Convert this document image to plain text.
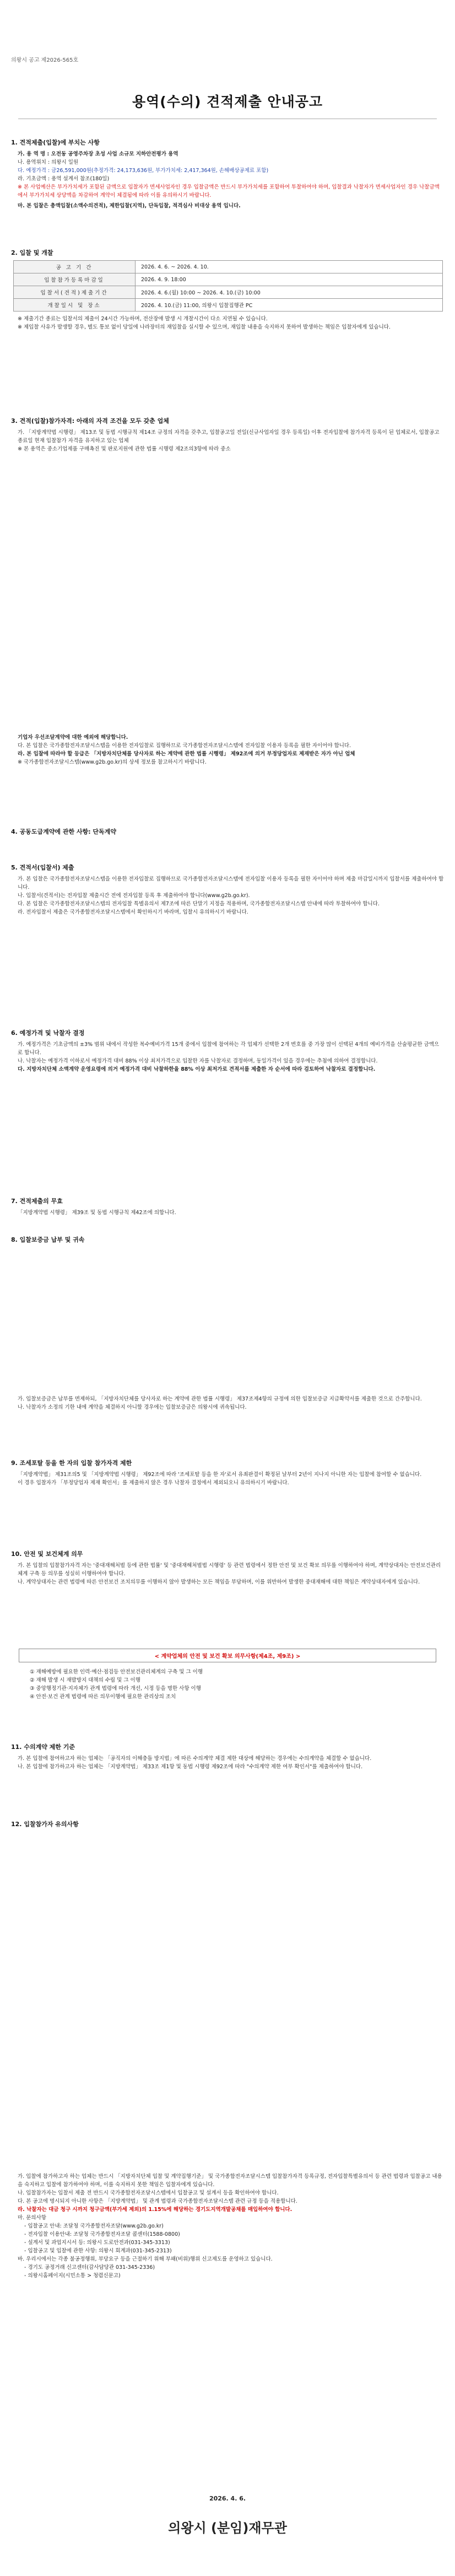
의왕시 공고 제2026-565호
용역(수의) 견적제출 안내공고
1. 견적제출(입찰)에 부치는 사항

가. 용 역 명 : 오전동 공영주차장 초성 사업 소규모 지하안전평가 용역

나. 용역위치 : 의왕시 일원

다. 예정가격 : 금26,591,000원(추정가격: 24,173,636원, 부가가치세: 2,417,364원, 손해배상공제료 포함)

라. 기초금액 : 용역 설계서 참조(180일)

※ 본 사업예산은 부가가치세가 포함된 금액으로 입찰자가 면세사업자인 경우 입찰금액은 반드시 부가가치세를 포함하여 투찰하여야 하며, 입찰결과 낙찰자가 면세사업자인 경우 낙찰금액에서 부가가치세 상당액을 차감하여 계약이 체결됨에 따라 이를 유의하시기 바랍니다.

마. 본 입찰은 총액입찰(소액수의견적), 제한입찰(지역), 단독입찰, 적격심사 비대상 용역 입니다.

2. 입찰 및 개찰
공 고 기 간	2026. 4. 6. ~ 2026. 4. 10.
입찰참가등록마감일	2026. 4. 9. 18:00
입찰서(견적)제출기간	2026. 4. 6.(월) 10:00 ~ 2026. 4. 10.(금) 10:00
개찰일시 및 장소	2026. 4. 10.(금) 11:00, 의왕시 입찰집행관 PC

※ 제출기간 종료는 입찰서의 제출이 24시간 가능하며, 전산장애 발생 시 개찰시간이 다소 지연될 수 있습니다.

※ 제입찰 사유가 발생할 경우, 별도 통보 없이 당일에 나라장터의 재입찰을 실시할 수 있으며, 재입찰 내용을 숙지하지 못하여 발생하는 책임은 입찰자에게 있습니다.

3. 견적(입찰)참가자격: 아래의 자격 조건을 모두 갖춘 업체

가. 「지방계약법 시행령」 제13조 및 동법 시행규칙 제14조 규정의 자격을 갖추고, 입찰공고일 전일(신규사업자일 경우 등록일) 이후 전자입찰에 참가자격 등록이 된 업체로서, 입찰공고 종료일 현재 입찰참가 자격을 유지하고 있는 업체

※ 본 용역은 중소기업제품 구매촉진 및 판로지원에 관한 법률 시행령 제2조의3항에 따라 중소

기업자 우선조달계약에 대한 예외에 해당합니다.

다. 본 입찰은 국가종합전자조달시스템을 이용한 전자입찰로 집행하므로 국가종합전자조달시스템에 전자입찰 이용자 등록을 필한 자이어야 합니다.

라. 본 입찰에 따라야 할 등급은 「지방자치단체를 당사자로 하는 계약에 관한 법률 시행령」 제92조에 의거 부정당업자로 제재받은 자가 아닌 업체

※ 국가종합전자조달시스템(www.g2b.go.kr)의 상세 정보를 참고하시기 바랍니다.

4. 공동도급계약에 관한 사항: 단독계약
5. 견적서(입찰서) 제출

가. 본 입찰은 국가종합전자조달시스템을 이용한 전자입찰로 집행하므로 국가종합전자조달시스템에 전자입찰 이용자 등록을 필한 자이어야 하며 제출 마감일시까지 입찰서를 제출하여야 합니다.

나. 입찰서(견적서)는 전자입찰 제출시간 전에 전자입찰 등록 후 제출하여야 합니다(www.g2b.go.kr).

다. 본 입찰은 국가종합전자조달시스템의 전자입찰 특별유의서 제7조에 따른 단말기 지정을 적용하며, 국가종합전자조달시스템 안내에 따라 투찰하여야 합니다.

라. 전자입찰서 제출은 국가종합전자조달시스템에서 확인하시기 바라며, 입찰시 유의하시기 바랍니다.

6. 예정가격 및 낙찰자 결정

가. 예정가격은 기초금액의 ±3% 범위 내에서 작성한 복수예비가격 15개 중에서 입찰에 참여하는 각 업체가 선택한 2개 번호를 중 가장 많이 선택된 4개의 예비가격을 산술평균한 금액으로 합니다.

나. 낙찰자는 예정가격 이하로서 예정가격 대비 88% 이상 최저가격으로 입찰한 자를 낙찰자로 결정하며, 동일가격이 있을 경우에는 추첨에 의하여 결정합니다.

다. 지방자치단체 소액계약 운영요령에 의거 예정가격 대비 낙찰하한율 88% 이상 최저가로 견적서를 제출한 자 순서에 따라 검토하여 낙찰자로 결정합니다.

7. 견적제출의 무효

「지방계약법 시행령」 제39조 및 동법 시행규칙 제42조에 의합니다.

8. 입찰보증금 납부 및 귀속

가. 입찰보증금은 납부를 면제하되, 「지방자치단체를 당사자로 하는 계약에 관한 법률 시행령」 제37조제4항의 규정에 의한 입찰보증금 지급확약서를 제출한 것으로 간주합니다.

나. 낙찰자가 소정의 기한 내에 계약을 체결하지 아니할 경우에는 입찰보증금은 의왕시에 귀속됩니다.

9. 조세포탈 등을 한 자의 입찰 참가자격 제한

「지방계약법」 제31조의5 및 「지방계약법 시행령」 제92조에 따라 '조세포탈 등을 한 자'로서 유죄판결이 확정된 날부터 2년이 지나지 아니한 자는 입찰에 참여할 수 없습니다.

이 경우 입찰자가 「부정당업자 제재 확인서」를 제출하지 않은 경우 낙찰자 결정에서 제외되오니 유의하시기 바랍니다.

10. 안전 및 보건체계 의무

가. 본 입찰의 입찰참가자격 자는 '중대재해처벌 등에 관한 법률' 및 '중대재해처벌법 시행령' 등 관련 법령에서 정한 안전 및 보건 확보 의무를 이행하여야 하며, 계약상대자는 안전보건관리체계 구축 등 의무를 성실히 이행하여야 합니다.

나. 계약상대자는 관련 법령에 따른 안전보건 조치의무를 이행하지 않아 발생하는 모든 책임을 부담하며, 이를 위반하여 발생한 중대재해에 대한 책임은 계약상대자에게 있습니다.

< 계약업체의 안전 및 보건 확보 의무사항(제4조, 제9조) >

① 재해예방에 필요한 인력·예산·점검등 안전보건관리체계의 구축 및 그 이행

② 재해 발생 시 재발방지 대책의 수립 및 그 이행

③ 중앙행정기관·지자체가 관계 법령에 따라 개선, 시정 등을 명한 사항 이행

④ 안전·보건 관계 법령에 따른 의무이행에 필요한 관리상의 조치

11. 수의계약 제한 기준

가. 본 입찰에 참여하고자 하는 업체는 「공직자의 이해충돌 방지법」에 따른 수의계약 체결 제한 대상에 해당하는 경우에는 수의계약을 체결할 수 없습니다.

나. 본 입찰에 참가하고자 하는 업체는 「지방계약법」 제33조 제1항 및 동법 시행령 제92조에 따라 "수의계약 제한 여부 확인서"를 제출하여야 합니다.

12. 입찰참가자 유의사항

가. 입찰에 참가하고자 하는 업체는 반드시 「지방자치단체 입찰 및 계약집행기준」 및 국가종합전자조달시스템 입찰참가자격 등록규정, 전자입찰특별유의서 등 관련 법령과 입찰공고 내용을 숙지하고 입찰에 참가하여야 하며, 이를 숙지하지 못한 책임은 입찰자에게 있습니다.

나. 입찰참가자는 입찰서 제출 전 반드시 국가종합전자조달시스템에서 입찰공고 및 설계서 등을 확인하여야 합니다.

다. 본 공고에 명시되지 아니한 사항은 「지방계약법」 및 관계 법령과 국가종합전자조달시스템 관련 규정 등을 적용합니다.

라. 낙찰자는 대금 청구 시까지 청구금액(부가세 제외)의 1.15%에 해당하는 경기도지역개발공채를 매입하여야 합니다.

마. 문의사항

- 입찰공고 안내: 조달청 국가종합전자조달(www.g2b.go.kr)

- 전자입찰 이용안내: 조달청 국가종합전자조달 콜센터(1588-0800)

- 설계서 및 과업지시서 등: 의왕시 도로안전과(031-345-3313)

- 입찰공고 및 입찰에 관한 사항: 의왕시 회계과(031-345-2313)

바. 우리시에서는 각종 불공정행위, 부당요구 등을 근절하기 위해 부패(비위)행위 신고제도를 운영하고 있습니다.

- 경기도 공정거래 신고센터(감사담당관 031-345-2336)

- 의왕시홈페이지(시민소통 > 청렴신문고)

2026. 4. 6.
의왕시 (분임)재무관
